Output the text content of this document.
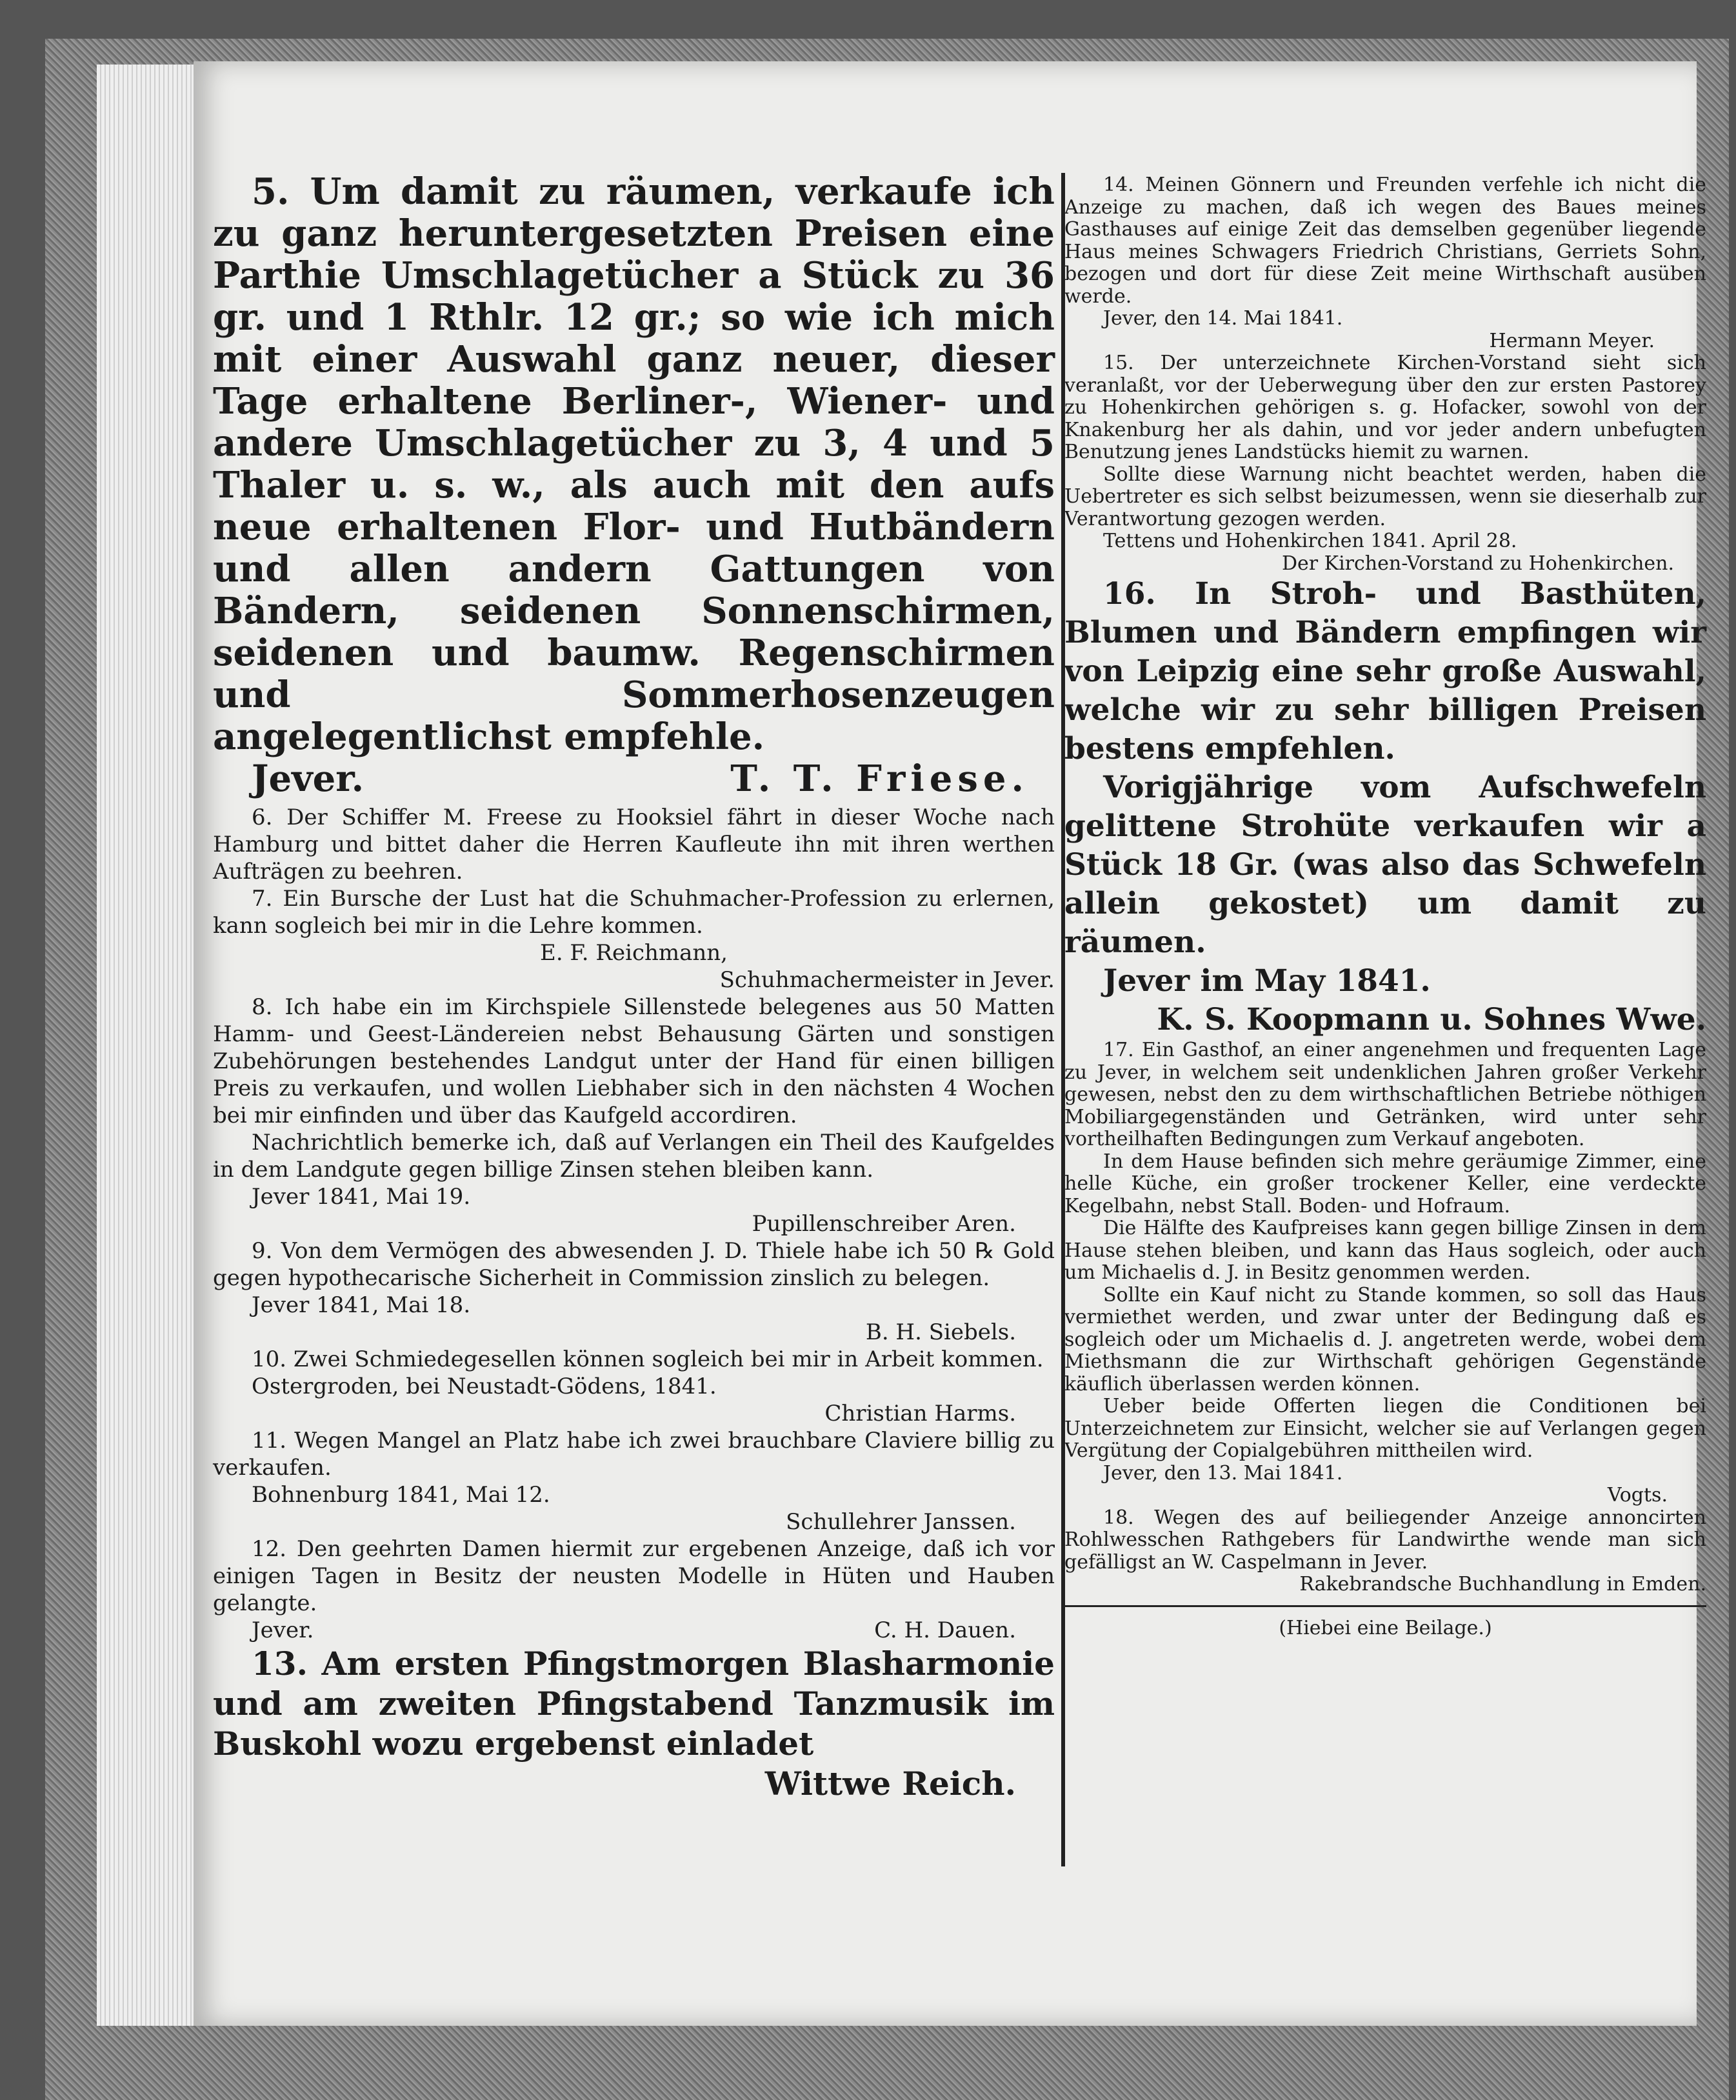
5. Um damit zu räumen, verkaufe ich zu ganz heruntergesetzten Preisen eine Parthie Umschlagetücher a Stück zu 36 gr. und 1 Rthlr. 12 gr.; so wie ich mich mit einer Auswahl ganz neuer, dieser Tage erhaltene Berliner-, Wiener- und andere Umschlagetücher zu 3, 4 und 5 Thaler u. s. w., als auch mit den aufs neue erhaltenen Flor- und Hutbändern und allen andern Gattungen von Bändern, seidenen Sonnenschirmen, seidenen und baumw. Regenschirmen und Sommerhosenzeugen angelegentlichst empfehle.

Jever.	T. T. Friese.

6. Der Schiffer M. Freese zu Hooksiel fährt in dieser Woche nach Hamburg und bittet daher die Herren Kaufleute ihn mit ihren werthen Aufträgen zu beehren.

7. Ein Bursche der Lust hat die Schuhmacher-Profession zu erlernen, kann sogleich bei mir in die Lehre kommen.

E. F. Reichmann,

Schuhmachermeister in Jever.

8. Ich habe ein im Kirchspiele Sillenstede belegenes aus 50 Matten Hamm- und Geest-Ländereien nebst Behausung Gärten und sonstigen Zubehörungen bestehendes Landgut unter der Hand für einen billigen Preis zu verkaufen, und wollen Liebhaber sich in den nächsten 4 Wochen bei mir einfinden und über das Kaufgeld accordiren.

Nachrichtlich bemerke ich, daß auf Verlangen ein Theil des Kaufgeldes in dem Landgute gegen billige Zinsen stehen bleiben kann.

Jever 1841, Mai 19.

Pupillenschreiber Aren.

9. Von dem Vermögen des abwesenden J. D. Thiele habe ich 50 ℞ Gold gegen hypothecarische Sicherheit in Commission zinslich zu belegen.

Jever 1841, Mai 18.

B. H. Siebels.

10. Zwei Schmiedegesellen können sogleich bei mir in Arbeit kommen.

Ostergroden, bei Neustadt-Gödens, 1841.

Christian Harms.

11. Wegen Mangel an Platz habe ich zwei brauchbare Claviere billig zu verkaufen.

Bohnenburg 1841, Mai 12.

Schullehrer Janssen.

12. Den geehrten Damen hiermit zur ergebenen Anzeige, daß ich vor einigen Tagen in Besitz der neusten Modelle in Hüten und Hauben gelangte.

Jever.	C. H. Dauen.

13. Am ersten Pfingstmorgen Blasharmonie und am zweiten Pfingstabend Tanzmusik im Buskohl wozu ergebenst einladet

Wittwe Reich.

14. Meinen Gönnern und Freunden verfehle ich nicht die Anzeige zu machen, daß ich wegen des Baues meines Gasthauses auf einige Zeit das demselben gegenüber liegende Haus meines Schwagers Friedrich Christians, Gerriets Sohn, bezogen und dort für diese Zeit meine Wirthschaft ausüben werde.

Jever, den 14. Mai 1841.

Hermann Meyer.

15. Der unterzeichnete Kirchen-Vorstand sieht sich veranlaßt, vor der Ueberwegung über den zur ersten Pastorey zu Hohenkirchen gehörigen s. g. Hofacker, sowohl von der Knakenburg her als dahin, und vor jeder andern unbefugten Benutzung jenes Landstücks hiemit zu warnen.

Sollte diese Warnung nicht beachtet werden, haben die Uebertreter es sich selbst beizumessen, wenn sie dieserhalb zur Verantwortung gezogen werden.

Tettens und Hohenkirchen 1841. April 28.

Der Kirchen-Vorstand zu Hohenkirchen.

16. In Stroh- und Basthüten, Blumen und Bändern empfingen wir von Leipzig eine sehr große Auswahl, welche wir zu sehr billigen Preisen bestens empfehlen.

Vorigjährige vom Aufschwefeln gelittene Strohüte verkaufen wir a Stück 18 Gr. (was also das Schwefeln allein gekostet) um damit zu räumen.

Jever im May 1841.

K. S. Koopmann u. Sohnes Wwe.

17. Ein Gasthof, an einer angenehmen und frequenten Lage zu Jever, in welchem seit undenklichen Jahren großer Verkehr gewesen, nebst den zu dem wirthschaftlichen Betriebe nöthigen Mobiliargegenständen und Getränken, wird unter sehr vortheilhaften Bedingungen zum Verkauf angeboten.

In dem Hause befinden sich mehre geräumige Zimmer, eine helle Küche, ein großer trockener Keller, eine verdeckte Kegelbahn, nebst Stall. Boden- und Hofraum.

Die Hälfte des Kaufpreises kann gegen billige Zinsen in dem Hause stehen bleiben, und kann das Haus sogleich, oder auch um Michaelis d. J. in Besitz genommen werden.

Sollte ein Kauf nicht zu Stande kommen, so soll das Haus vermiethet werden, und zwar unter der Bedingung daß es sogleich oder um Michaelis d. J. angetreten werde, wobei dem Miethsmann die zur Wirthschaft gehörigen Gegenstände käuflich überlassen werden können.

Ueber beide Offerten liegen die Conditionen bei Unterzeichnetem zur Einsicht, welcher sie auf Verlangen gegen Vergütung der Copialgebühren mittheilen wird.

Jever, den 13. Mai 1841.

Vogts.

18. Wegen des auf beiliegender Anzeige annoncirten Rohlwesschen Rathgebers für Landwirthe wende man sich gefälligst an W. Caspelmann in Jever.

Rakebrandsche Buchhandlung in Emden.

(Hiebei eine Beilage.)
